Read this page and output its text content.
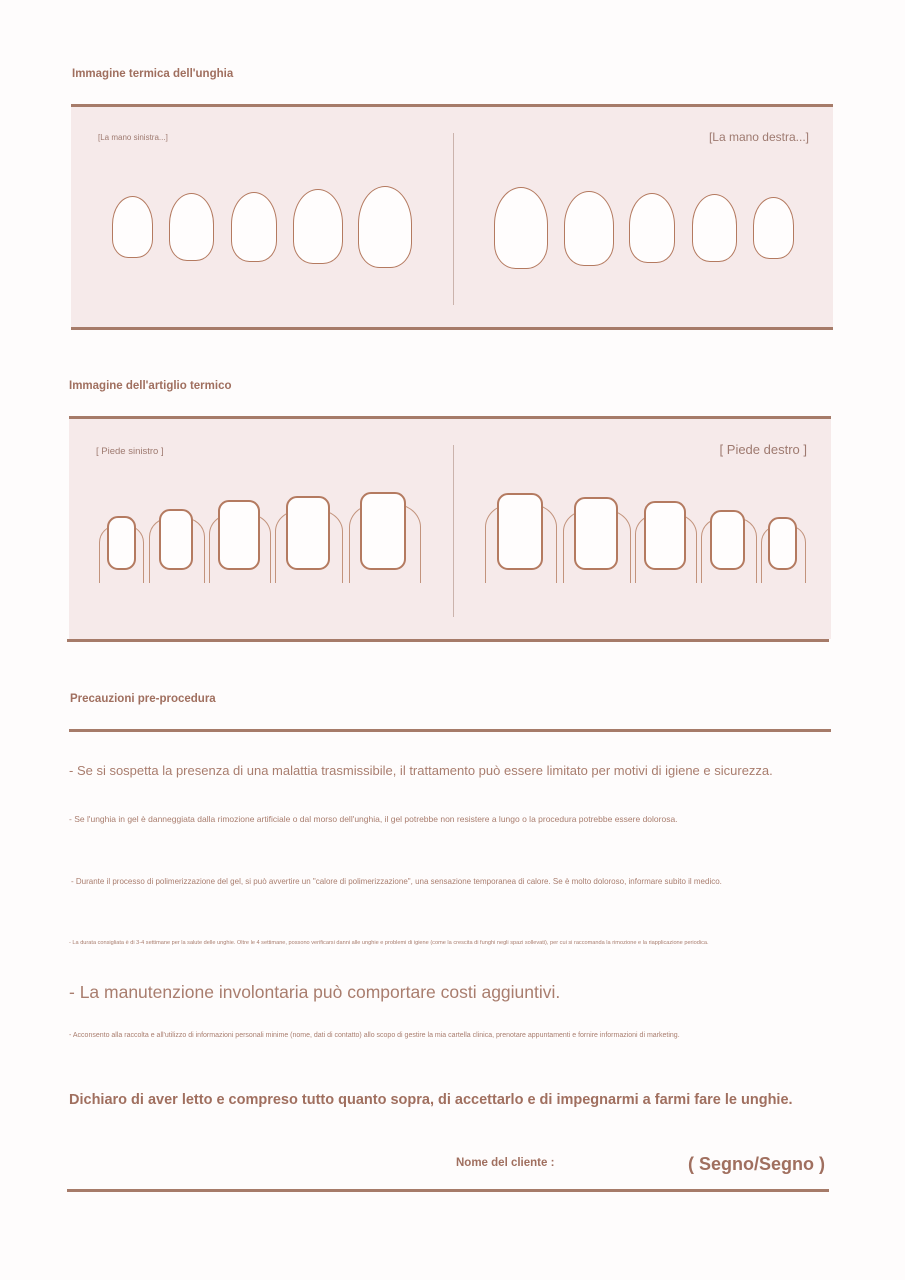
Immagine termica dell'unghia
[La mano sinistra...]	[La mano destra...]
Immagine dell'artiglio termico
[ Piede sinistro ]	[ Piede destro ]
Precauzioni pre-procedura
- Se si sospetta la presenza di una malattia trasmissibile, il trattamento può essere limitato per motivi di igiene e sicurezza.
- Se l'unghia in gel è danneggiata dalla rimozione artificiale o dal morso dell'unghia, il gel potrebbe non resistere a lungo o la procedura potrebbe essere dolorosa.
- Durante il processo di polimerizzazione del gel, si può avvertire un "calore di polimerizzazione", una sensazione temporanea di calore. Se è molto doloroso, informare subito il medico.
- La durata consigliata è di 3-4 settimane per la salute delle unghie. Oltre le 4 settimane, possono verificarsi danni alle unghie e problemi di igiene (come la crescita di funghi negli spazi sollevati), per cui si raccomanda la rimozione e la riapplicazione periodica.
- La manutenzione involontaria può comportare costi aggiuntivi.
- Acconsento alla raccolta e all'utilizzo di informazioni personali minime (nome, dati di contatto) allo scopo di gestire la mia cartella clinica, prenotare appuntamenti e fornire informazioni di marketing.
Dichiaro di aver letto e compreso tutto quanto sopra, di accettarlo e di impegnarmi a farmi fare le unghie.
Nome del cliente :	( Segno/Segno )
